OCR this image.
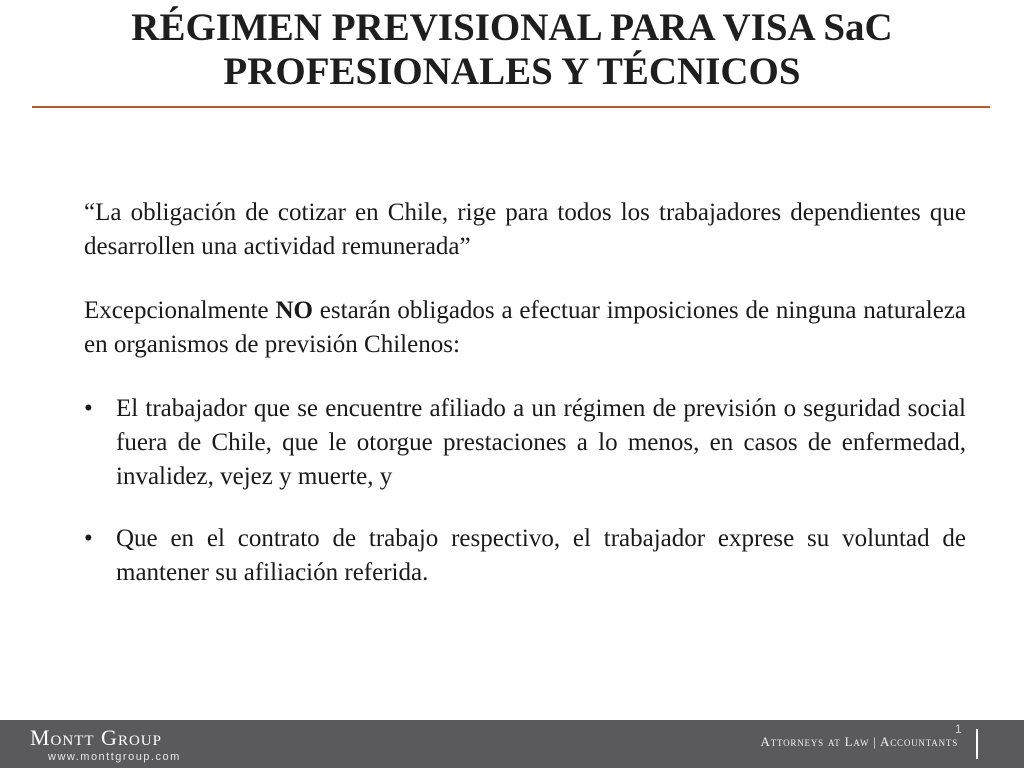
RÉGIMEN PREVISIONAL PARA VISA SaC
PROFESIONALES Y TÉCNICOS

“La obligación de cotizar en Chile, rige para todos los trabajadores dependientes que desarrollen una actividad remunerada”

Excepcionalmente NO estarán obligados a efectuar imposiciones de ninguna naturaleza en organismos de previsión Chilenos:

• El trabajador que se encuentre afiliado a un régimen de previsión o seguridad social fuera de Chile, que le otorgue prestaciones a lo menos, en casos de enfermedad, invalidez, vejez y muerte, y
• Que en el contrato de trabajo respectivo, el trabajador exprese su voluntad de mantener su afiliación referida.
Montt Group
www.monttgroup.com
1
Attorneys at Law | Accountants
